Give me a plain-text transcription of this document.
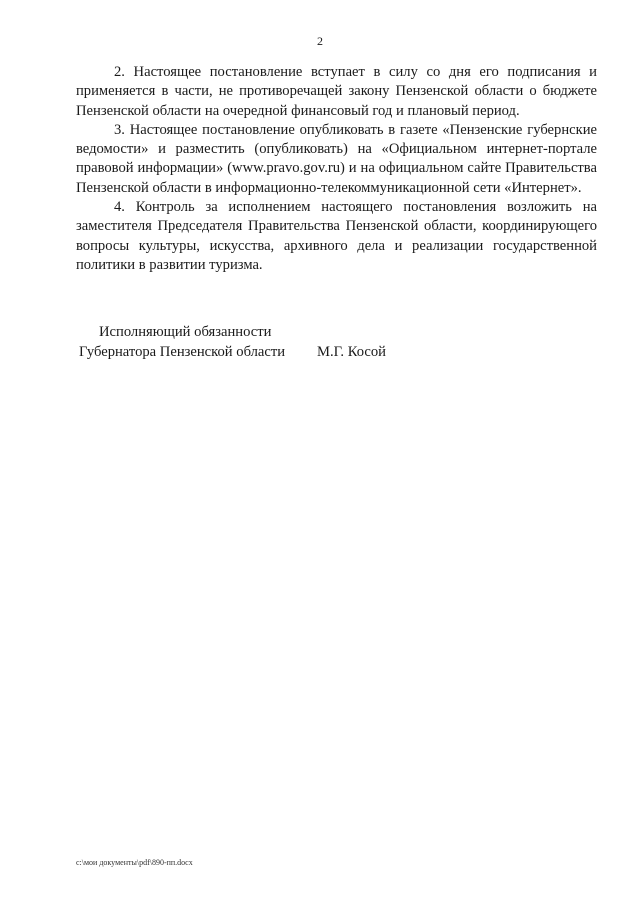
2

2. Настоящее постановление вступает в силу со дня его подписания и применяется в части, не противоречащей закону Пензенской области о бюджете Пензенской области на очередной финансовый год и плановый период.

3. Настоящее постановление опубликовать в газете «Пензенские губернские ведомости» и разместить (опубликовать) на «Официальном интернет-портале правовой информации» (www.pravo.gov.ru) и на официальном сайте Правительства Пензенской области в информационно-телекоммуникационной сети «Интернет».

4. Контроль за исполнением настоящего постановления возложить на заместителя Председателя Правительства Пензенской области, координирующего вопросы культуры, искусства, архивного дела и реализации государственной политики в развитии туризма.

Исполняющий обязанности
Губернатора Пензенской области М.Г. Косой
c:\мои документы\pdf\890-пп.docx
